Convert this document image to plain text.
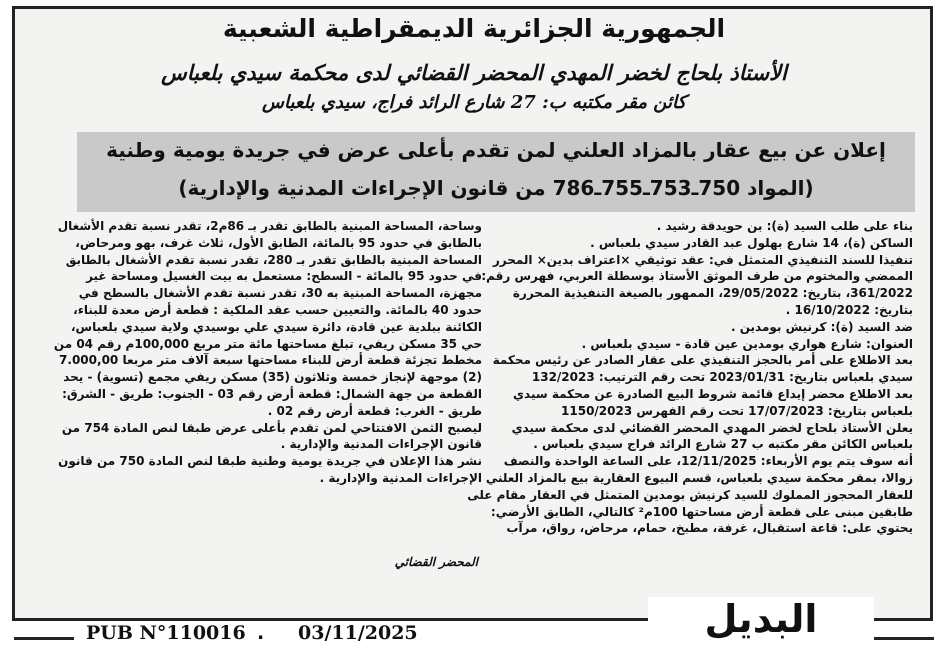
الجمهورية الجزائرية الديمقراطية الشعبية
الأستاذ بلحاج لخضر المهدي المحضر القضائي لدى محكمة سيدي بلعباس
كائن مقر مكتبه ب: 27 شارع الرائد فراج، سيدي بلعباس
إعلان عن بيع عقار بالمزاد العلني لمن تقدم بأعلى عرض في جريدة يومية وطنية
(المواد 750ـ753ـ755ـ786 من قانون الإجراءات المدنية والإدارية)

بناء على طلب السيد (ة): بن حويدقة رشيد .

الساكن (ة)، 14 شارع بهلول عبد القادر سيدي بلعباس .

تنفيذا للسند التنفيذي المتمثل في: عقد توثيقي ×اعتراف بدين× المحرر

الممضي والمختوم من طرف الموثق الأستاذ بوسطلة العربي، فهرس رقم:

361/2022، بتاريخ: 29/05/2022، الممهور بالصيغة التنفيذية المحررة

بتاريخ: 16/10/2022 .

ضد السيد (ة): كرنيش بومدين .

العنوان: شارع هواري بومدين عين قادة - سيدي بلعباس .

بعد الاطلاع على أمر بالحجز التنفيذي على عقار الصادر عن رئيس محكمة

سيدي بلعباس بتاريخ: 2023/01/31 تحت رقم الترتيب: 132/2023

بعد الاطلاع محضر إيداع قائمة شروط البيع الصادرة عن محكمة سيدي

بلعباس بتاريخ: 17/07/2023 تحت رقم الفهرس 1150/2023

يعلن الأستاذ بلحاج لخضر المهدي المحضر القضائي لدى محكمة سيدي

بلعباس الكائن مقر مكتبه ب 27 شارع الرائد فراج سيدي بلعباس .

أنه سوف يتم يوم الأربعاء: 12/11/2025، على الساعة الواحدة والنصف

زوالا، بمقر محكمة سيدي بلعباس، قسم البيوع العقارية بيع بالمزاد العلني

للعقار المحجوز المملوك للسيد كرنيش بومدين المتمثل في العقار مقام على

طابقين مبنى على قطعة أرض مساحتها 100م² كالتالي، الطابق الأرضي:

يحتوي على: قاعة استقبال، غرفة، مطبخ، حمام، مرحاض، رواق، مرآب

وساحة، المساحة المبنية بالطابق تقدر بـ 86م2، تقدر نسبة تقدم الأشغال

بالطابق في حدود 95 بالمائة، الطابق الأول، ثلاث غرف، بهو ومرحاض،

المساحة المبنية بالطابق تقدر بـ 280، تقدر نسبة تقدم الأشغال بالطابق

في حدود 95 بالمائة - السطح: مستعمل به بيت الغسيل ومساحة غير

مجهزة، المساحة المبنية به 30، تقدر نسبة تقدم الأشغال بالسطح في

حدود 40 بالمائة. والتعيين حسب عقد الملكية : قطعة أرض معدة للبناء،

الكائنة ببلدية عين قادة، دائرة سيدي علي بوسيدي ولاية سيدي بلعباس،

حي 35 مسكن ريفي، تبلغ مساحتها مائة متر مربع 100,000م رقم 04 من

مخطط تجزئة قطعة أرض للبناء مساحتها سبعة آلاف متر مربعا 7.000,00

(2) موجهة لإنجاز خمسة وثلاثون (35) مسكن ريفي مجمع (تسوية) - يحد

القطعة من جهة الشمال: قطعة أرض رقم 03 - الجنوب: طريق - الشرق:

طريق - الغرب: قطعة أرض رقم 02 .

ليصبح الثمن الافتتاحي لمن تقدم بأعلى عرض طبقا لنص المادة 754 من

قانون الإجراءات المدنية والإدارية .

نشر هذا الإعلان في جريدة يومية وطنية طبقا لنص المادة 750 من قانون

الإجراءات المدنية والإدارية .

المحضر القضائي
البديل
PUB N°110016 . 03/11/2025
